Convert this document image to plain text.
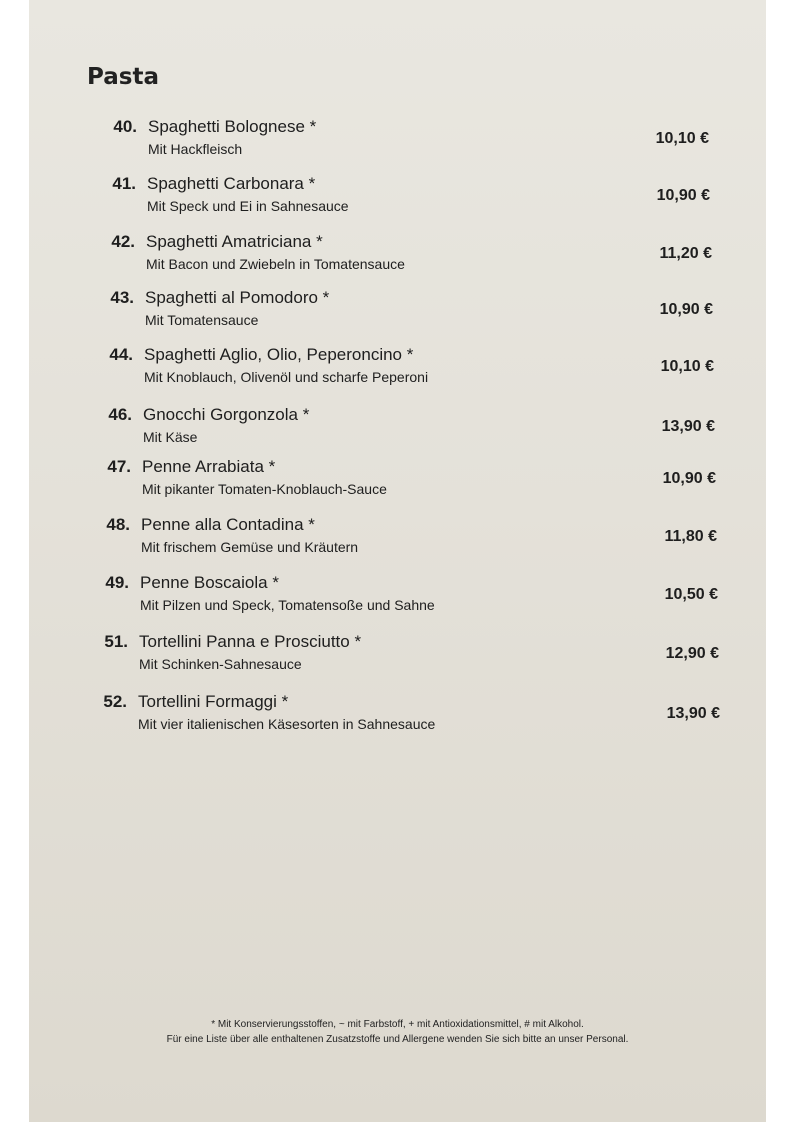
Pasta
40. Spaghetti Bolognese *
Mit Hackfleisch
10,10 €
41. Spaghetti Carbonara *
Mit Speck und Ei in Sahnesauce
10,90 €
42. Spaghetti Amatriciana *
Mit Bacon und Zwiebeln in Tomatensauce
11,20 €
43. Spaghetti al Pomodoro *
Mit Tomatensauce
10,90 €
44. Spaghetti Aglio, Olio, Peperoncino *
Mit Knoblauch, Olivenöl und scharfe Peperoni
10,10 €
46. Gnocchi Gorgonzola *
Mit Käse
13,90 €
47. Penne Arrabiata *
Mit pikanter Tomaten-Knoblauch-Sauce
10,90 €
48. Penne alla Contadina *
Mit frischem Gemüse und Kräutern
11,80 €
49. Penne Boscaiola *
Mit Pilzen und Speck, Tomatensoße und Sahne
10,50 €
51. Tortellini Panna e Prosciutto *
Mit Schinken-Sahnesauce
12,90 €
52. Tortellini Formaggi *
Mit vier italienischen Käsesorten in Sahnesauce
13,90 €
* Mit Konservierungsstoffen, ~ mit Farbstoff, + mit Antioxidationsmittel, # mit Alkohol.
Für eine Liste über alle enthaltenen Zusatzstoffe und Allergene wenden Sie sich bitte an unser Personal.
